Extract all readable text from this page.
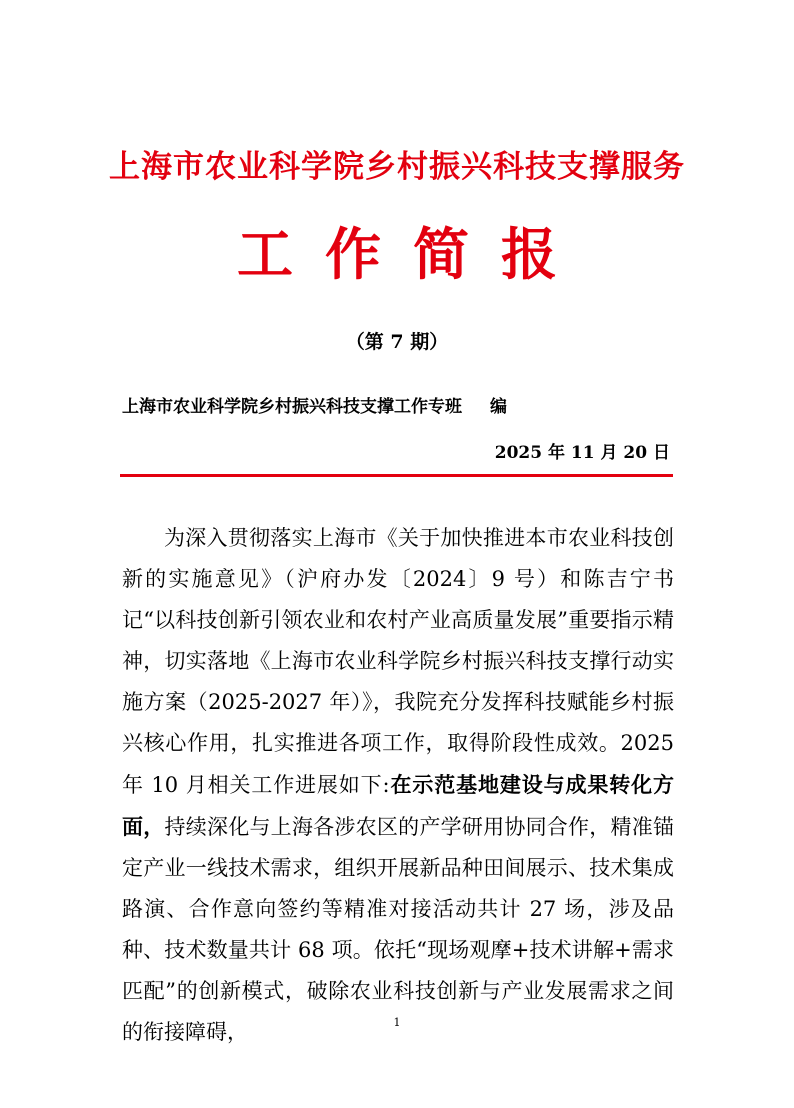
上海市农业科学院乡村振兴科技支撑服务
工作简报
（第 7 期）
上海市农业科学院乡村振兴科技支撑工作专班 编
2025 年 11 月 20 日

为深入贯彻落实上海市《关于加快推进本市农业科技创新的实施意见》（沪府办发〔2024〕9 号）和陈吉宁书记“以科技创新引领农业和农村产业高质量发展”重要指示精神，切实落地《上海市农业科学院乡村振兴科技支撑行动实施方案（2025-2027 年）》，我院充分发挥科技赋能乡村振兴核心作用，扎实推进各项工作，取得阶段性成效。2025 年 10 月相关工作进展如下:在示范基地建设与成果转化方面，持续深化与上海各涉农区的产学研用协同合作，精准锚定产业一线技术需求，组织开展新品种田间展示、技术集成路演、合作意向签约等精准对接活动共计 27 场，涉及品种、技术数量共计 68 项。依托“现场观摩+技术讲解+需求匹配”的创新模式，破除农业科技创新与产业发展需求之间的衔接障碍，	1
